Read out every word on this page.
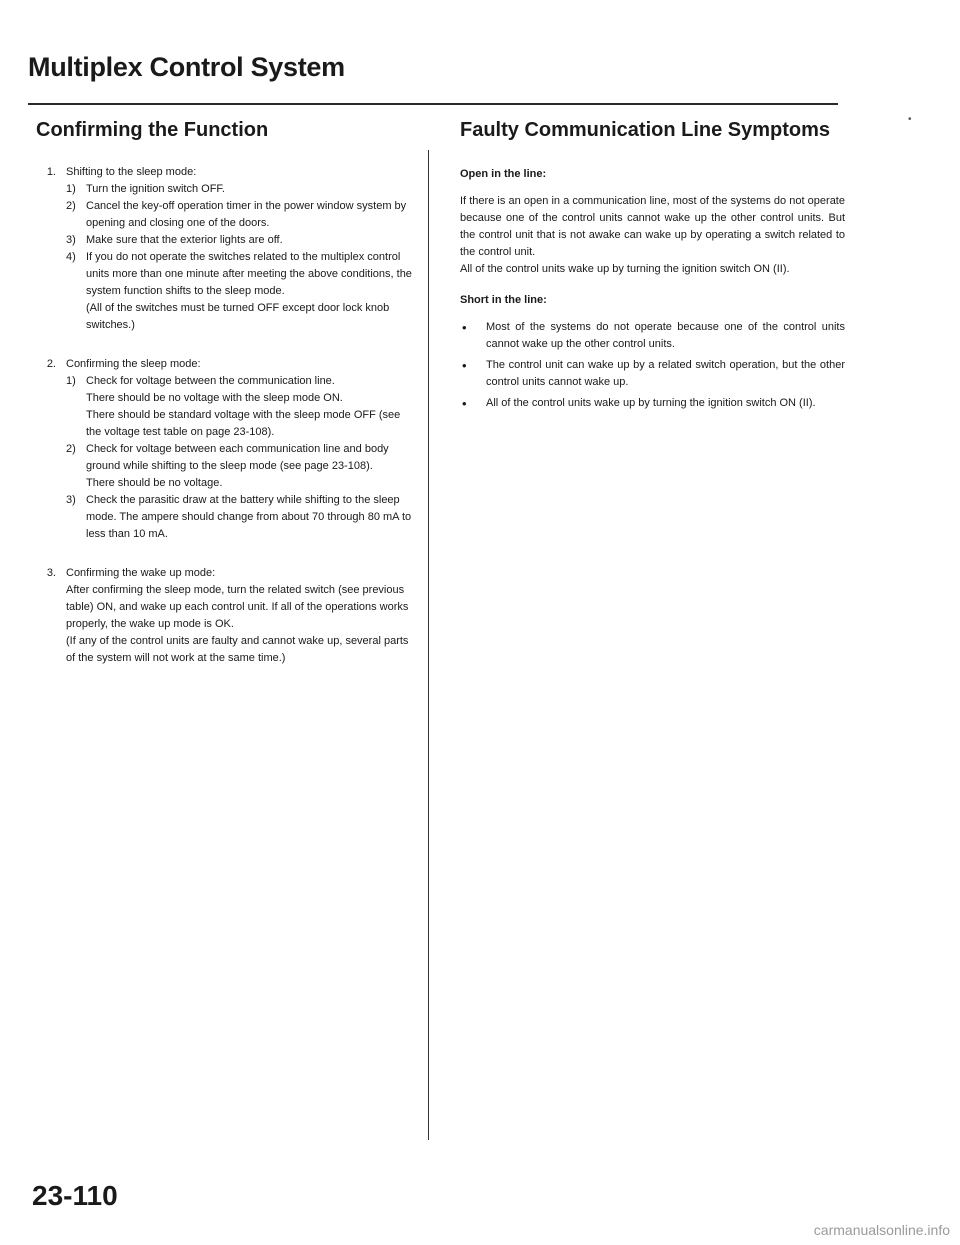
Multiplex Control System
•
Confirming the Function
1. Shifting to the sleep mode:
1) Turn the ignition switch OFF.
2) Cancel the key-off operation timer in the power window system by opening and closing one of the doors.
3) Make sure that the exterior lights are off.
4) If you do not operate the switches related to the multiplex control units more than one minute after meeting the above conditions, the system function shifts to the sleep mode.
(All of the switches must be turned OFF except door lock knob switches.)
2. Confirming the sleep mode:
1) Check for voltage between the communication line.
There should be no voltage with the sleep mode ON.
There should be standard voltage with the sleep mode OFF (see the voltage test table on page 23-108).
2) Check for voltage between each communication line and body ground while shifting to the sleep mode (see page 23-108).
There should be no voltage.
3) Check the parasitic draw at the battery while shifting to the sleep mode. The ampere should change from about 70 through 80 mA to less than 10 mA.
3. Confirming the wake up mode:
After confirming the sleep mode, turn the related switch (see previous table) ON, and wake up each control unit. If all of the operations works properly, the wake up mode is OK.
(If any of the control units are faulty and cannot wake up, several parts of the system will not work at the same time.)
Faulty Communication Line Symptoms

Open in the line:

If there is an open in a communication line, most of the systems do not operate because one of the control units cannot wake up the other control units. But the control unit that is not awake can wake up by operating a switch related to the control unit.

All of the control units wake up by turning the ignition switch ON (II).

Short in the line:

• Most of the systems do not operate because one of the control units cannot wake up the other control units.
• The control unit can wake up by a related switch operation, but the other control units cannot wake up.
• All of the control units wake up by turning the ignition switch ON (II).
23-110
carmanualsonline.info
